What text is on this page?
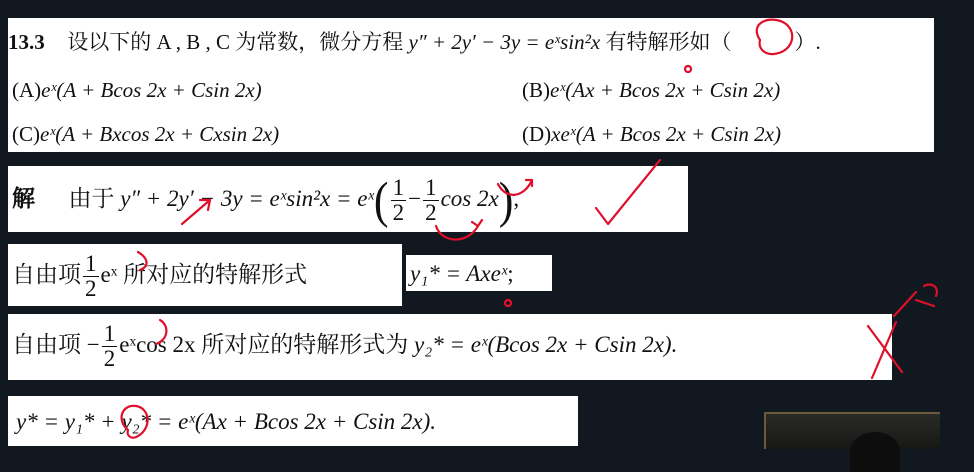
13.3 设以下的 A , B , C 为常数，微分方程 y″ + 2y′ − 3y = eˣsin²x 有特解形如（　　　）.
(A)eˣ(A + Bcos 2x + Csin 2x)	(B)eˣ(Ax + Bcos 2x + Csin 2x)
(C)eˣ(A + Bxcos 2x + Cxsin 2x)	(D)xeˣ(A + Bcos 2x + Csin 2x)
解 由于 y″ + 2y′ − 3y = eˣsin²x = eˣ( $\frac{1}{2} - \frac{1}{2}$ cos 2x),
自由项 $\frac{1}{2}$ eˣ 所对应的特解形式	y₁* = Axeˣ;
自由项 − $\frac{1}{2}$ eˣcos 2x 所对应的特解形式为 y₂* = eˣ(Bcos 2x + Csin 2x).
y* = y₁* + y₂* = eˣ(Ax + Bcos 2x + Csin 2x).
